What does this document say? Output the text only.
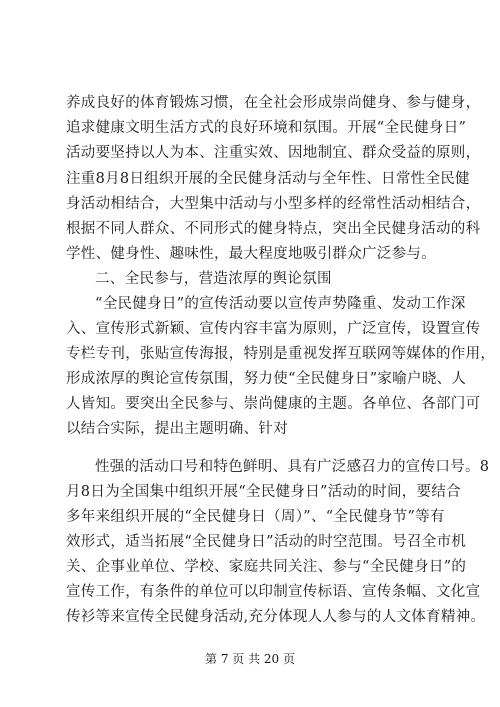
养成良好的体育锻炼习惯，在全社会形成崇尚健身、参与健身，
追求健康文明生活方式的良好环境和氛围。开展“全民健身日”
活动要坚持以人为本、注重实效、因地制宜、群众受益的原则，
注重8月8日组织开展的全民健身活动与全年性、日常性全民健
身活动相结合，大型集中活动与小型多样的经常性活动相结合，
根据不同人群众、不同形式的健身特点，突出全民健身活动的科
学性、健身性、趣味性，最大程度地吸引群众广泛参与。
二、全民参与，营造浓厚的舆论氛围
“全民健身日”的宣传活动要以宣传声势隆重、发动工作深
入、宣传形式新颖、宣传内容丰富为原则，广泛宣传，设置宣传
专栏专刊，张贴宣传海报，特别是重视发挥互联网等媒体的作用，
形成浓厚的舆论宣传氛围，努力使“全民健身日”家喻户晓、人
人皆知。要突出全民参与、崇尚健康的主题。各单位、各部门可
以结合实际，提出主题明确、针对
性强的活动口号和特色鲜明、具有广泛感召力的宣传口号。8
月8日为全国集中组织开展“全民健身日”活动的时间，要结合
多年来组织开展的“全民健身日（周）”、“全民健身节”等有
效形式，适当拓展“全民健身日”活动的时空范围。号召全市机
关、企事业单位、学校、家庭共同关注、参与“全民健身日”的
宣传工作，有条件的单位可以印制宣传标语、宣传条幅、文化宣
传衫等来宣传全民健身活动,充分体现人人参与的人文体育精神。
第 7 页 共 20 页
